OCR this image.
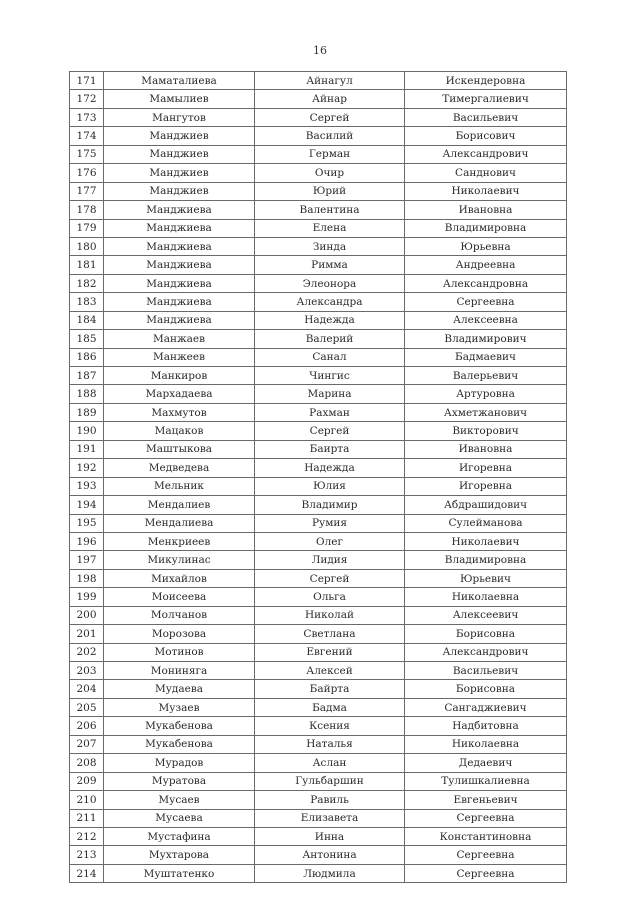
16
171	Маматалиева	Айнагул	Искендеровна
172	Мамылиев	Айнар	Тимергалиевич
173	Мангутов	Сергей	Васильевич
174	Манджиев	Василий	Борисович
175	Манджиев	Герман	Александрович
176	Манджиев	Очир	Санднович
177	Манджиев	Юрий	Николаевич
178	Манджиева	Валентина	Ивановна
179	Манджиева	Елена	Владимировна
180	Манджиева	Зинда	Юрьевна
181	Манджиева	Римма	Андреевна
182	Манджиева	Элеонора	Александровна
183	Манджиева	Александра	Сергеевна
184	Манджиева	Надежда	Алексеевна
185	Манжаев	Валерий	Владимирович
186	Манжеев	Санал	Бадмаевич
187	Манкиров	Чингис	Валерьевич
188	Мархадаева	Марина	Артуровна
189	Махмутов	Рахман	Ахметжанович
190	Мацаков	Сергей	Викторович
191	Маштыкова	Баирта	Ивановна
192	Медведева	Надежда	Игоревна
193	Мельник	Юлия	Игоревна
194	Мендалиев	Владимир	Абдрашидович
195	Мендалиева	Румия	Сулейманова
196	Менкриеев	Олег	Николаевич
197	Микулинас	Лидия	Владимировна
198	Михайлов	Сергей	Юрьевич
199	Моисеева	Ольга	Николаевна
200	Молчанов	Николай	Алексеевич
201	Морозова	Светлана	Борисовна
202	Мотинов	Евгений	Александрович
203	Мониняга	Алексей	Васильевич
204	Мудаева	Байрта	Борисовна
205	Музаев	Бадма	Сангаджиевич
206	Мукабенова	Ксения	Надбитовна
207	Мукабенова	Наталья	Николаевна
208	Мурадов	Аслан	Дедаевич
209	Муратова	Гульбаршин	Тулишкалиевна
210	Мусаев	Равиль	Евгеньевич
211	Мусаева	Елизавета	Сергеевна
212	Мустафина	Инна	Константиновна
213	Мухтарова	Антонина	Сергеевна
214	Муштатенко	Людмила	Сергеевна
